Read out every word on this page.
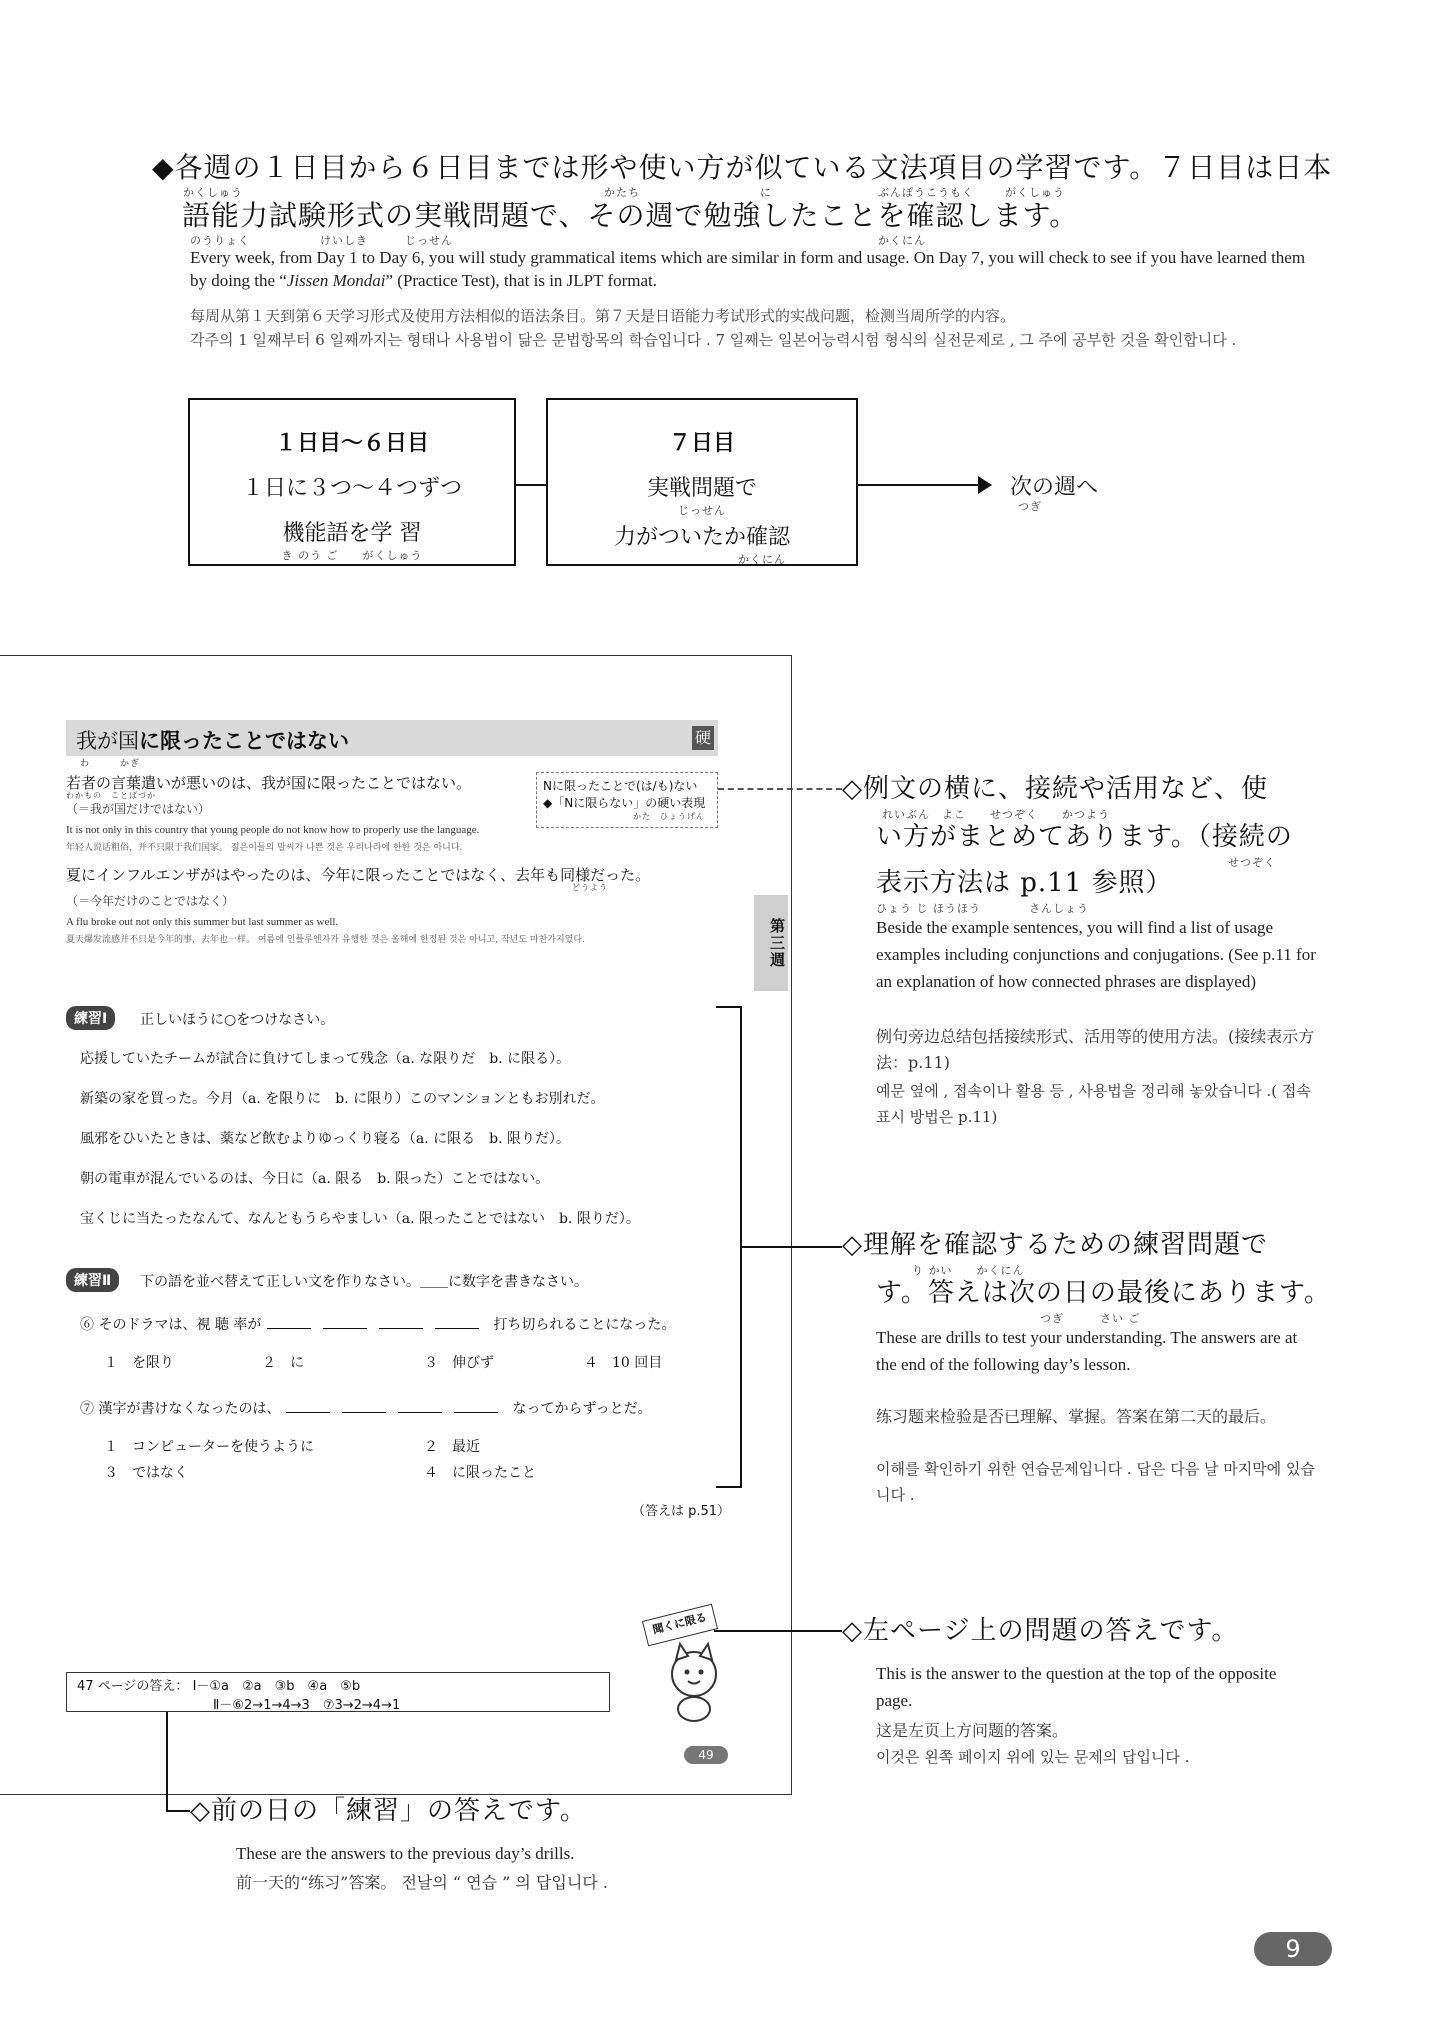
◆各週の１日目から６日目までは形や使い方が似ている文法項目の学習です。７日目は日本
かくしゅう	かたち	に	ぶんぽうこうもく	がくしゅう
語能力試験形式の実戦問題で、その週で勉強したことを確認します。
のうりょく	けいしき	じっせん	かくにん
Every week, from Day 1 to Day 6, you will study grammatical items which are similar in form and usage. On Day 7, you will check to see if you have learned them by doing the “Jissen Mondai” (Practice Test), that is in JLPT format.
每周从第１天到第６天学习形式及使用方法相似的语法条目。第７天是日语能力考试形式的实战问题，检测当周所学的内容。
각주의 1 일째부터 6 일째까지는 형태나 사용법이 닮은 문법항목의 학습입니다 . 7 일째는 일본어능력시험 형식의 실전문제로 , 그 주에 공부한 것을 확인합니다 .
１日目〜６日目
１日に３つ〜４つずつ
機能語を学 習
き のう ご　　がくしゅう
７日目
実戦問題で
じっせん
力がついたか確認
かくにん
次の週へ
つぎ
我が国に限ったことではない	硬
わ　　　かぎ
若者の言葉遣いが悪いのは、我が国に限ったことではない。
わかもの　ことばづか
（＝我が国だけではない）
It is not only in this country that young people do not know how to properly use the language.
年轻人说话粗俗，并不只限于我们国家。 젊은이들의 말씨가 나쁜 것은 우리나라에 한한 것은 아니다.
Nに限ったことで(は/も)ない
◆「Nに限らない」の硬い表現
かた　ひょうげん
夏にインフルエンザがはやったのは、今年に限ったことではなく、去年も同様だった。
どうよう
（＝今年だけのことではなく）
A flu broke out not only this summer but last summer as well.
夏天爆发流感并不只是今年的事，去年也一样。 여름에 인플루엔자가 유행한 것은 올해에 한정된 것은 아니고, 작년도 마찬가지였다.	第三週
練習Ⅰ	正しいほうに○をつけなさい。
応援していたチームが試合に負けてしまって残念（a. な限りだ　b. に限る）。
新築の家を買った。今月（a. を限りに　b. に限り）このマンションともお別れだ。
風邪をひいたときは、薬など飲むよりゆっくり寝る（a. に限る　b. 限りだ）。
朝の電車が混んでいるのは、今日に（a. 限る　b. 限った）ことではない。
宝くじに当たったなんて、なんともうらやましい（a. 限ったことではない　b. 限りだ）。
練習Ⅱ	下の語を並べ替えて正しい文を作りなさい。＿＿に数字を書きなさい。
⑥ そのドラマは、視 聴 率が	打ち切られることになった。
１　を限り	２　に	３　伸びず	４　10 回目
⑦ 漢字が書けなくなったのは、	なってからずっとだ。
１　コンピューターを使うように	２　最近
３　ではなく	４　に限ったこと
（答えは p.51）
聞くに限る
47 ページの答え： Ⅰ－①a　②a　③b　④a　⑤b
Ⅱ－⑥2→1→4→3　⑦3→2→4→1
49
◇例文の横に、接続や活用など、使
れいぶん　よこ　　せつぞく　　かつよう
い方がまとめてあります。（接続の
せつぞく
表示方法は p.11 参照）
ひょう じ ほうほう　　　　さんしょう
Beside the example sentences, you will find a list of usage examples including conjunctions and conjugations. (See p.11 for an explanation of how connected phrases are displayed)
例句旁边总结包括接续形式、活用等的使用方法。(接续表示方法：p.11)
예문 옆에 , 접속이나 활용 등 , 사용법을 정리해 놓았습니다 .( 접속 표시 방법은 p.11)
◇理解を確認するための練習問題で
り かい　　かくにん
す。答えは次の日の最後にあります。
つぎ　　　さい ご
These are drills to test your understanding. The answers are at the end of the following day’s lesson.
练习题来检验是否已理解、掌握。答案在第二天的最后。
이해를 확인하기 위한 연습문제입니다 . 답은 다음 날 마지막에 있습니다 .
◇左ページ上の問題の答えです。
This is the answer to the question at the top of the opposite page.
这是左页上方问题的答案。
이것은 왼쪽 페이지 위에 있는 문제의 답입니다 .
◇前の日の「練習」の答えです。
These are the answers to the previous day’s drills.
前一天的“练习”答案。 전날의 “ 연습 ” 의 답입니다 .
9
